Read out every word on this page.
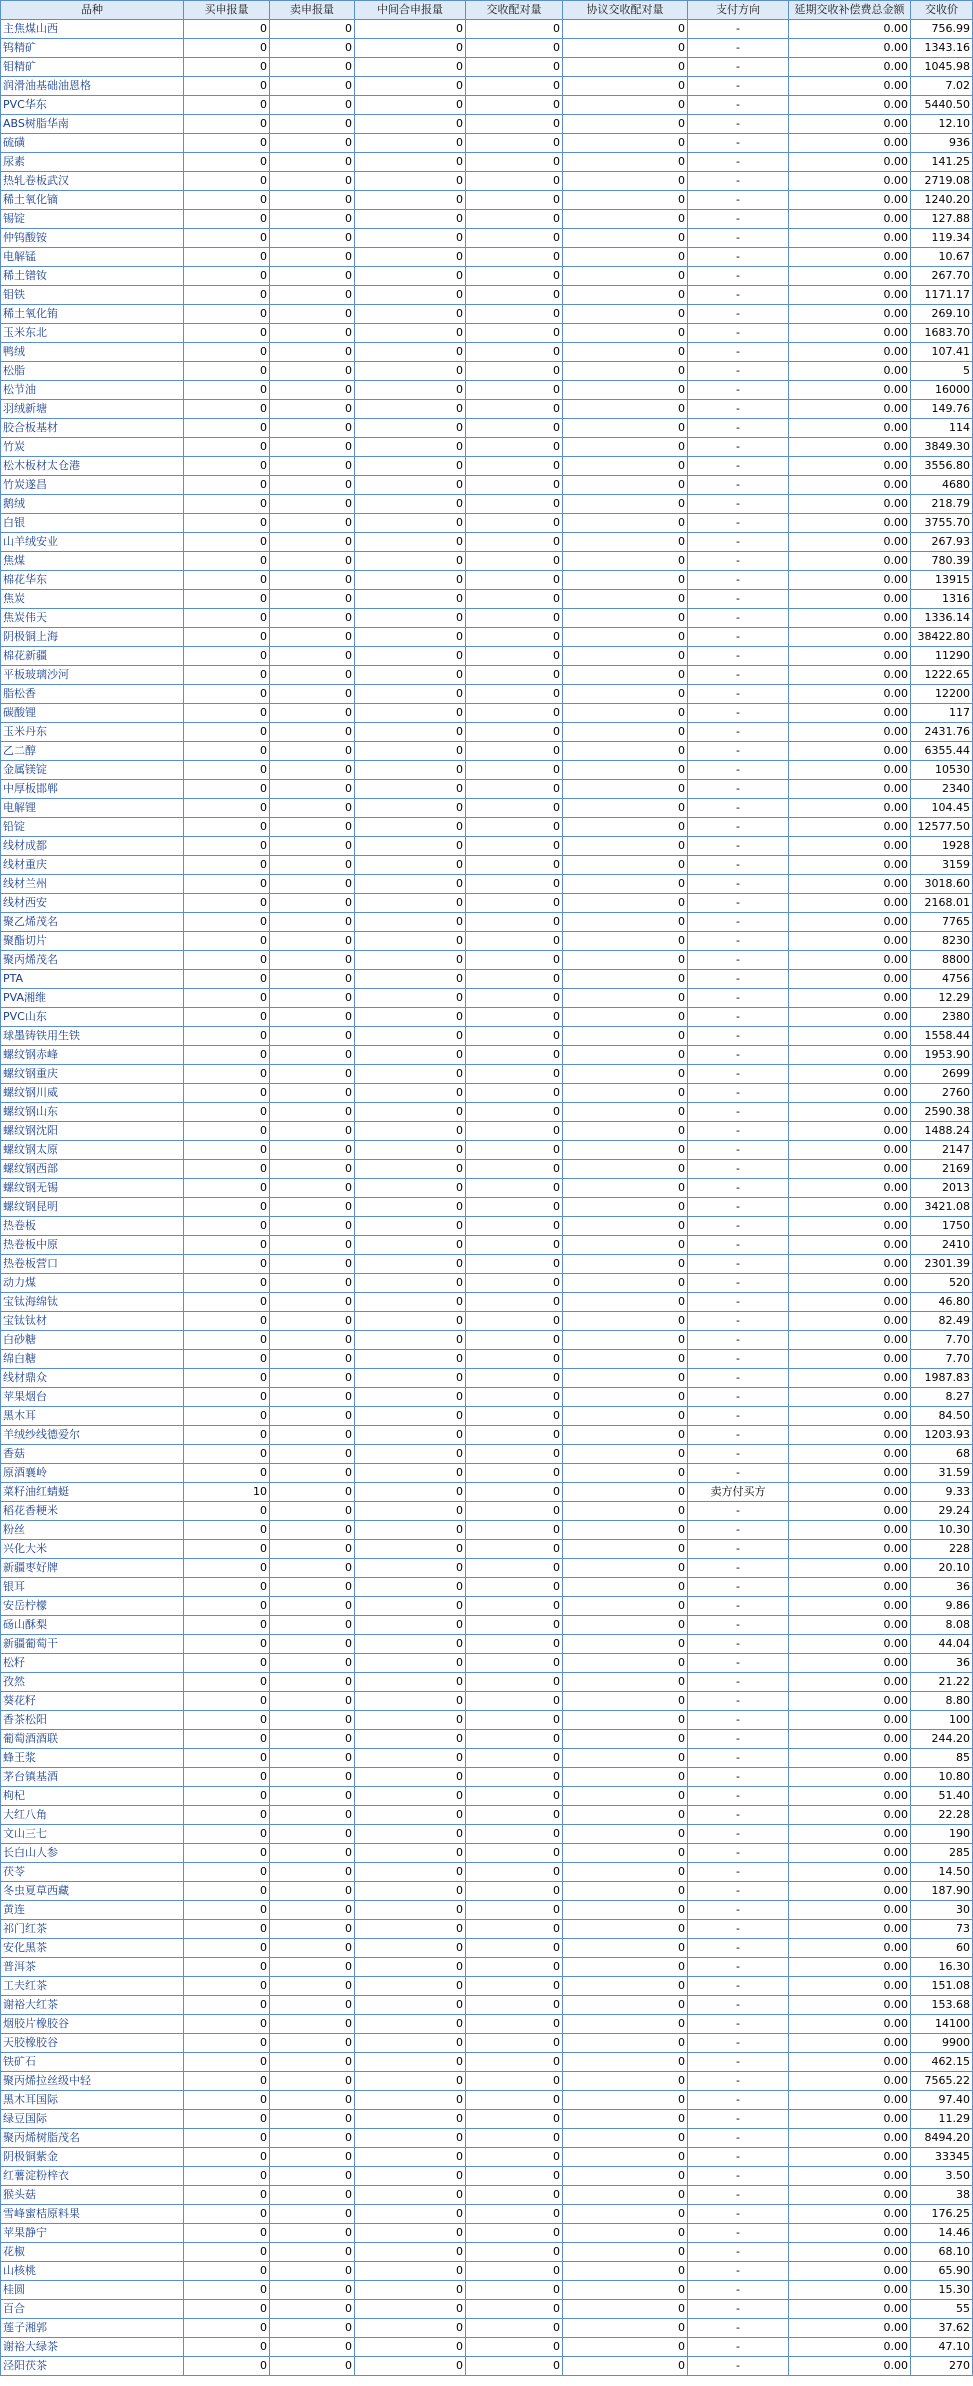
品种	买申报量	卖申报量	中间合申报量	交收配对量	协议交收配对量	支付方向	延期交收补偿费总金额	交收价
主焦煤山西	0	0	0	0	0	-	0.00	756.99
钨精矿	0	0	0	0	0	-	0.00	1343.16
钼精矿	0	0	0	0	0	-	0.00	1045.98
润滑油基础油恩格	0	0	0	0	0	-	0.00	7.02
PVC华东	0	0	0	0	0	-	0.00	5440.50
ABS树脂华南	0	0	0	0	0	-	0.00	12.10
硫磺	0	0	0	0	0	-	0.00	936
尿素	0	0	0	0	0	-	0.00	141.25
热轧卷板武汉	0	0	0	0	0	-	0.00	2719.08
稀土氧化镝	0	0	0	0	0	-	0.00	1240.20
锡锭	0	0	0	0	0	-	0.00	127.88
仲钨酸铵	0	0	0	0	0	-	0.00	119.34
电解锰	0	0	0	0	0	-	0.00	10.67
稀土镨钕	0	0	0	0	0	-	0.00	267.70
钼铁	0	0	0	0	0	-	0.00	1171.17
稀土氧化铕	0	0	0	0	0	-	0.00	269.10
玉米东北	0	0	0	0	0	-	0.00	1683.70
鸭绒	0	0	0	0	0	-	0.00	107.41
松脂	0	0	0	0	0	-	0.00	5
松节油	0	0	0	0	0	-	0.00	16000
羽绒新塘	0	0	0	0	0	-	0.00	149.76
胶合板基材	0	0	0	0	0	-	0.00	114
竹炭	0	0	0	0	0	-	0.00	3849.30
松木板材太仓港	0	0	0	0	0	-	0.00	3556.80
竹炭遂昌	0	0	0	0	0	-	0.00	4680
鹅绒	0	0	0	0	0	-	0.00	218.79
白银	0	0	0	0	0	-	0.00	3755.70
山羊绒安业	0	0	0	0	0	-	0.00	267.93
焦煤	0	0	0	0	0	-	0.00	780.39
棉花华东	0	0	0	0	0	-	0.00	13915
焦炭	0	0	0	0	0	-	0.00	1316
焦炭伟天	0	0	0	0	0	-	0.00	1336.14
阴极铜上海	0	0	0	0	0	-	0.00	38422.80
棉花新疆	0	0	0	0	0	-	0.00	11290
平板玻璃沙河	0	0	0	0	0	-	0.00	1222.65
脂松香	0	0	0	0	0	-	0.00	12200
碳酸锂	0	0	0	0	0	-	0.00	117
玉米丹东	0	0	0	0	0	-	0.00	2431.76
乙二醇	0	0	0	0	0	-	0.00	6355.44
金属镁锭	0	0	0	0	0	-	0.00	10530
中厚板邯郸	0	0	0	0	0	-	0.00	2340
电解锂	0	0	0	0	0	-	0.00	104.45
铅锭	0	0	0	0	0	-	0.00	12577.50
线材成都	0	0	0	0	0	-	0.00	1928
线材重庆	0	0	0	0	0	-	0.00	3159
线材兰州	0	0	0	0	0	-	0.00	3018.60
线材西安	0	0	0	0	0	-	0.00	2168.01
聚乙烯茂名	0	0	0	0	0	-	0.00	7765
聚酯切片	0	0	0	0	0	-	0.00	8230
聚丙烯茂名	0	0	0	0	0	-	0.00	8800
PTA	0	0	0	0	0	-	0.00	4756
PVA湘维	0	0	0	0	0	-	0.00	12.29
PVC山东	0	0	0	0	0	-	0.00	2380
球墨铸铁用生铁	0	0	0	0	0	-	0.00	1558.44
螺纹钢赤峰	0	0	0	0	0	-	0.00	1953.90
螺纹钢重庆	0	0	0	0	0	-	0.00	2699
螺纹钢川威	0	0	0	0	0	-	0.00	2760
螺纹钢山东	0	0	0	0	0	-	0.00	2590.38
螺纹钢沈阳	0	0	0	0	0	-	0.00	1488.24
螺纹钢太原	0	0	0	0	0	-	0.00	2147
螺纹钢西部	0	0	0	0	0	-	0.00	2169
螺纹钢无锡	0	0	0	0	0	-	0.00	2013
螺纹钢昆明	0	0	0	0	0	-	0.00	3421.08
热卷板	0	0	0	0	0	-	0.00	1750
热卷板中原	0	0	0	0	0	-	0.00	2410
热卷板营口	0	0	0	0	0	-	0.00	2301.39
动力煤	0	0	0	0	0	-	0.00	520
宝钛海绵钛	0	0	0	0	0	-	0.00	46.80
宝钛钛材	0	0	0	0	0	-	0.00	82.49
白砂糖	0	0	0	0	0	-	0.00	7.70
绵白糖	0	0	0	0	0	-	0.00	7.70
线材鼎众	0	0	0	0	0	-	0.00	1987.83
苹果烟台	0	0	0	0	0	-	0.00	8.27
黑木耳	0	0	0	0	0	-	0.00	84.50
羊绒纱线德爱尔	0	0	0	0	0	-	0.00	1203.93
香菇	0	0	0	0	0	-	0.00	68
原酒襄岭	0	0	0	0	0	-	0.00	31.59
菜籽油红蜻蜓	10	0	0	0	0	卖方付买方	0.00	9.33
稻花香粳米	0	0	0	0	0	-	0.00	29.24
粉丝	0	0	0	0	0	-	0.00	10.30
兴化大米	0	0	0	0	0	-	0.00	228
新疆枣好牌	0	0	0	0	0	-	0.00	20.10
银耳	0	0	0	0	0	-	0.00	36
安岳柠檬	0	0	0	0	0	-	0.00	9.86
砀山酥梨	0	0	0	0	0	-	0.00	8.08
新疆葡萄干	0	0	0	0	0	-	0.00	44.04
松籽	0	0	0	0	0	-	0.00	36
孜然	0	0	0	0	0	-	0.00	21.22
葵花籽	0	0	0	0	0	-	0.00	8.80
香茶松阳	0	0	0	0	0	-	0.00	100
葡萄酒酒联	0	0	0	0	0	-	0.00	244.20
蜂王浆	0	0	0	0	0	-	0.00	85
茅台镇基酒	0	0	0	0	0	-	0.00	10.80
枸杞	0	0	0	0	0	-	0.00	51.40
大红八角	0	0	0	0	0	-	0.00	22.28
文山三七	0	0	0	0	0	-	0.00	190
长白山人参	0	0	0	0	0	-	0.00	285
茯苓	0	0	0	0	0	-	0.00	14.50
冬虫夏草西藏	0	0	0	0	0	-	0.00	187.90
黄连	0	0	0	0	0	-	0.00	30
祁门红茶	0	0	0	0	0	-	0.00	73
安化黑茶	0	0	0	0	0	-	0.00	60
普洱茶	0	0	0	0	0	-	0.00	16.30
工夫红茶	0	0	0	0	0	-	0.00	151.08
谢裕大红茶	0	0	0	0	0	-	0.00	153.68
烟胶片橡胶谷	0	0	0	0	0	-	0.00	14100
天胶橡胶谷	0	0	0	0	0	-	0.00	9900
铁矿石	0	0	0	0	0	-	0.00	462.15
聚丙烯拉丝级中轻	0	0	0	0	0	-	0.00	7565.22
黑木耳国际	0	0	0	0	0	-	0.00	97.40
绿豆国际	0	0	0	0	0	-	0.00	11.29
聚丙烯树脂茂名	0	0	0	0	0	-	0.00	8494.20
阴极铜紫金	0	0	0	0	0	-	0.00	33345
红薯淀粉梓衣	0	0	0	0	0	-	0.00	3.50
猴头菇	0	0	0	0	0	-	0.00	38
雪峰蜜桔原料果	0	0	0	0	0	-	0.00	176.25
苹果静宁	0	0	0	0	0	-	0.00	14.46
花椒	0	0	0	0	0	-	0.00	68.10
山核桃	0	0	0	0	0	-	0.00	65.90
桂圆	0	0	0	0	0	-	0.00	15.30
百合	0	0	0	0	0	-	0.00	55
莲子湘郭	0	0	0	0	0	-	0.00	37.62
谢裕大绿茶	0	0	0	0	0	-	0.00	47.10
泾阳茯茶	0	0	0	0	0	-	0.00	270
